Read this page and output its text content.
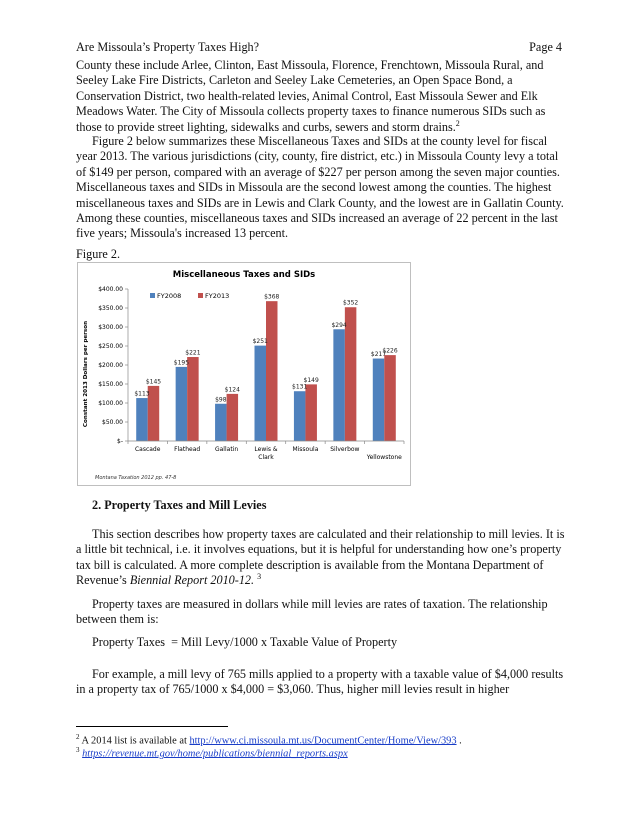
Are Missoula’s Property Taxes High?	Page 4

County these include Arlee, Clinton, East Missoula, Florence, Frenchtown, Missoula Rural, and Seeley Lake Fire Districts, Carleton and Seeley Lake Cemeteries, an Open Space Bond, a Conservation District, two health-related levies, Animal Control, East Missoula Sewer and Elk Meadows Water. The City of Missoula collects property taxes to finance numerous SIDs such as those to provide street lighting, sidewalks and curbs, sewers and storm drains.$^2$

Figure 2 below summarizes these Miscellaneous Taxes and SIDs at the county level for fiscal year 2013. The various jurisdictions (city, county, fire district, etc.) in Missoula County levy a total of $149 per person, compared with an average of $227 per person among the seven major counties. Miscellaneous taxes and SIDs in Missoula are the second lowest among the counties. The highest miscellaneous taxes and SIDs are in Lewis and Clark County, and the lowest are in Gallatin County. Among these counties, miscellaneous taxes and SIDs increased an average of 22 percent in the last five years; Missoula's increased 13 percent.

Figure 2.
Miscellaneous Taxes and SIDs
Constant 2013 Dollars per person
$-
$50.00
$100.00
$150.00
$200.00
$250.00
$300.00
$350.00
$400.00
$113
$145
$195
$221
$98
$124
$251
$368
$131
$149
$294
$352
$217
$226
Cascade Flathead Gallatin	Lewis &
Clark
Missoula Silverbow
Yellowstone
FY2008	FY2013
Montana Taxation 2012 pp. 47-8
2. Property Taxes and Mill Levies

This section describes how property taxes are calculated and their relationship to mill levies. It is a little bit technical, i.e. it involves equations, but it is helpful for understanding how one’s property tax bill is calculated. A more complete description is available from the Montana Department of Revenue’s Biennial Report 2010-12. $^3$

Property taxes are measured in dollars while mill levies are rates of taxation. The relationship between them is:

Property Taxes  = Mill Levy/1000 x Taxable Value of Property

For example, a mill levy of 765 mills applied to a property with a taxable value of $4,000 results in a property tax of 765/1000 x $4,000 = $3,060. Thus, higher mill levies result in higher

$^2$ A 2014 list is available at http://www.ci.missoula.mt.us/DocumentCenter/Home/View/393 .
$^3$ https://revenue.mt.gov/home/publications/biennial_reports.aspx
